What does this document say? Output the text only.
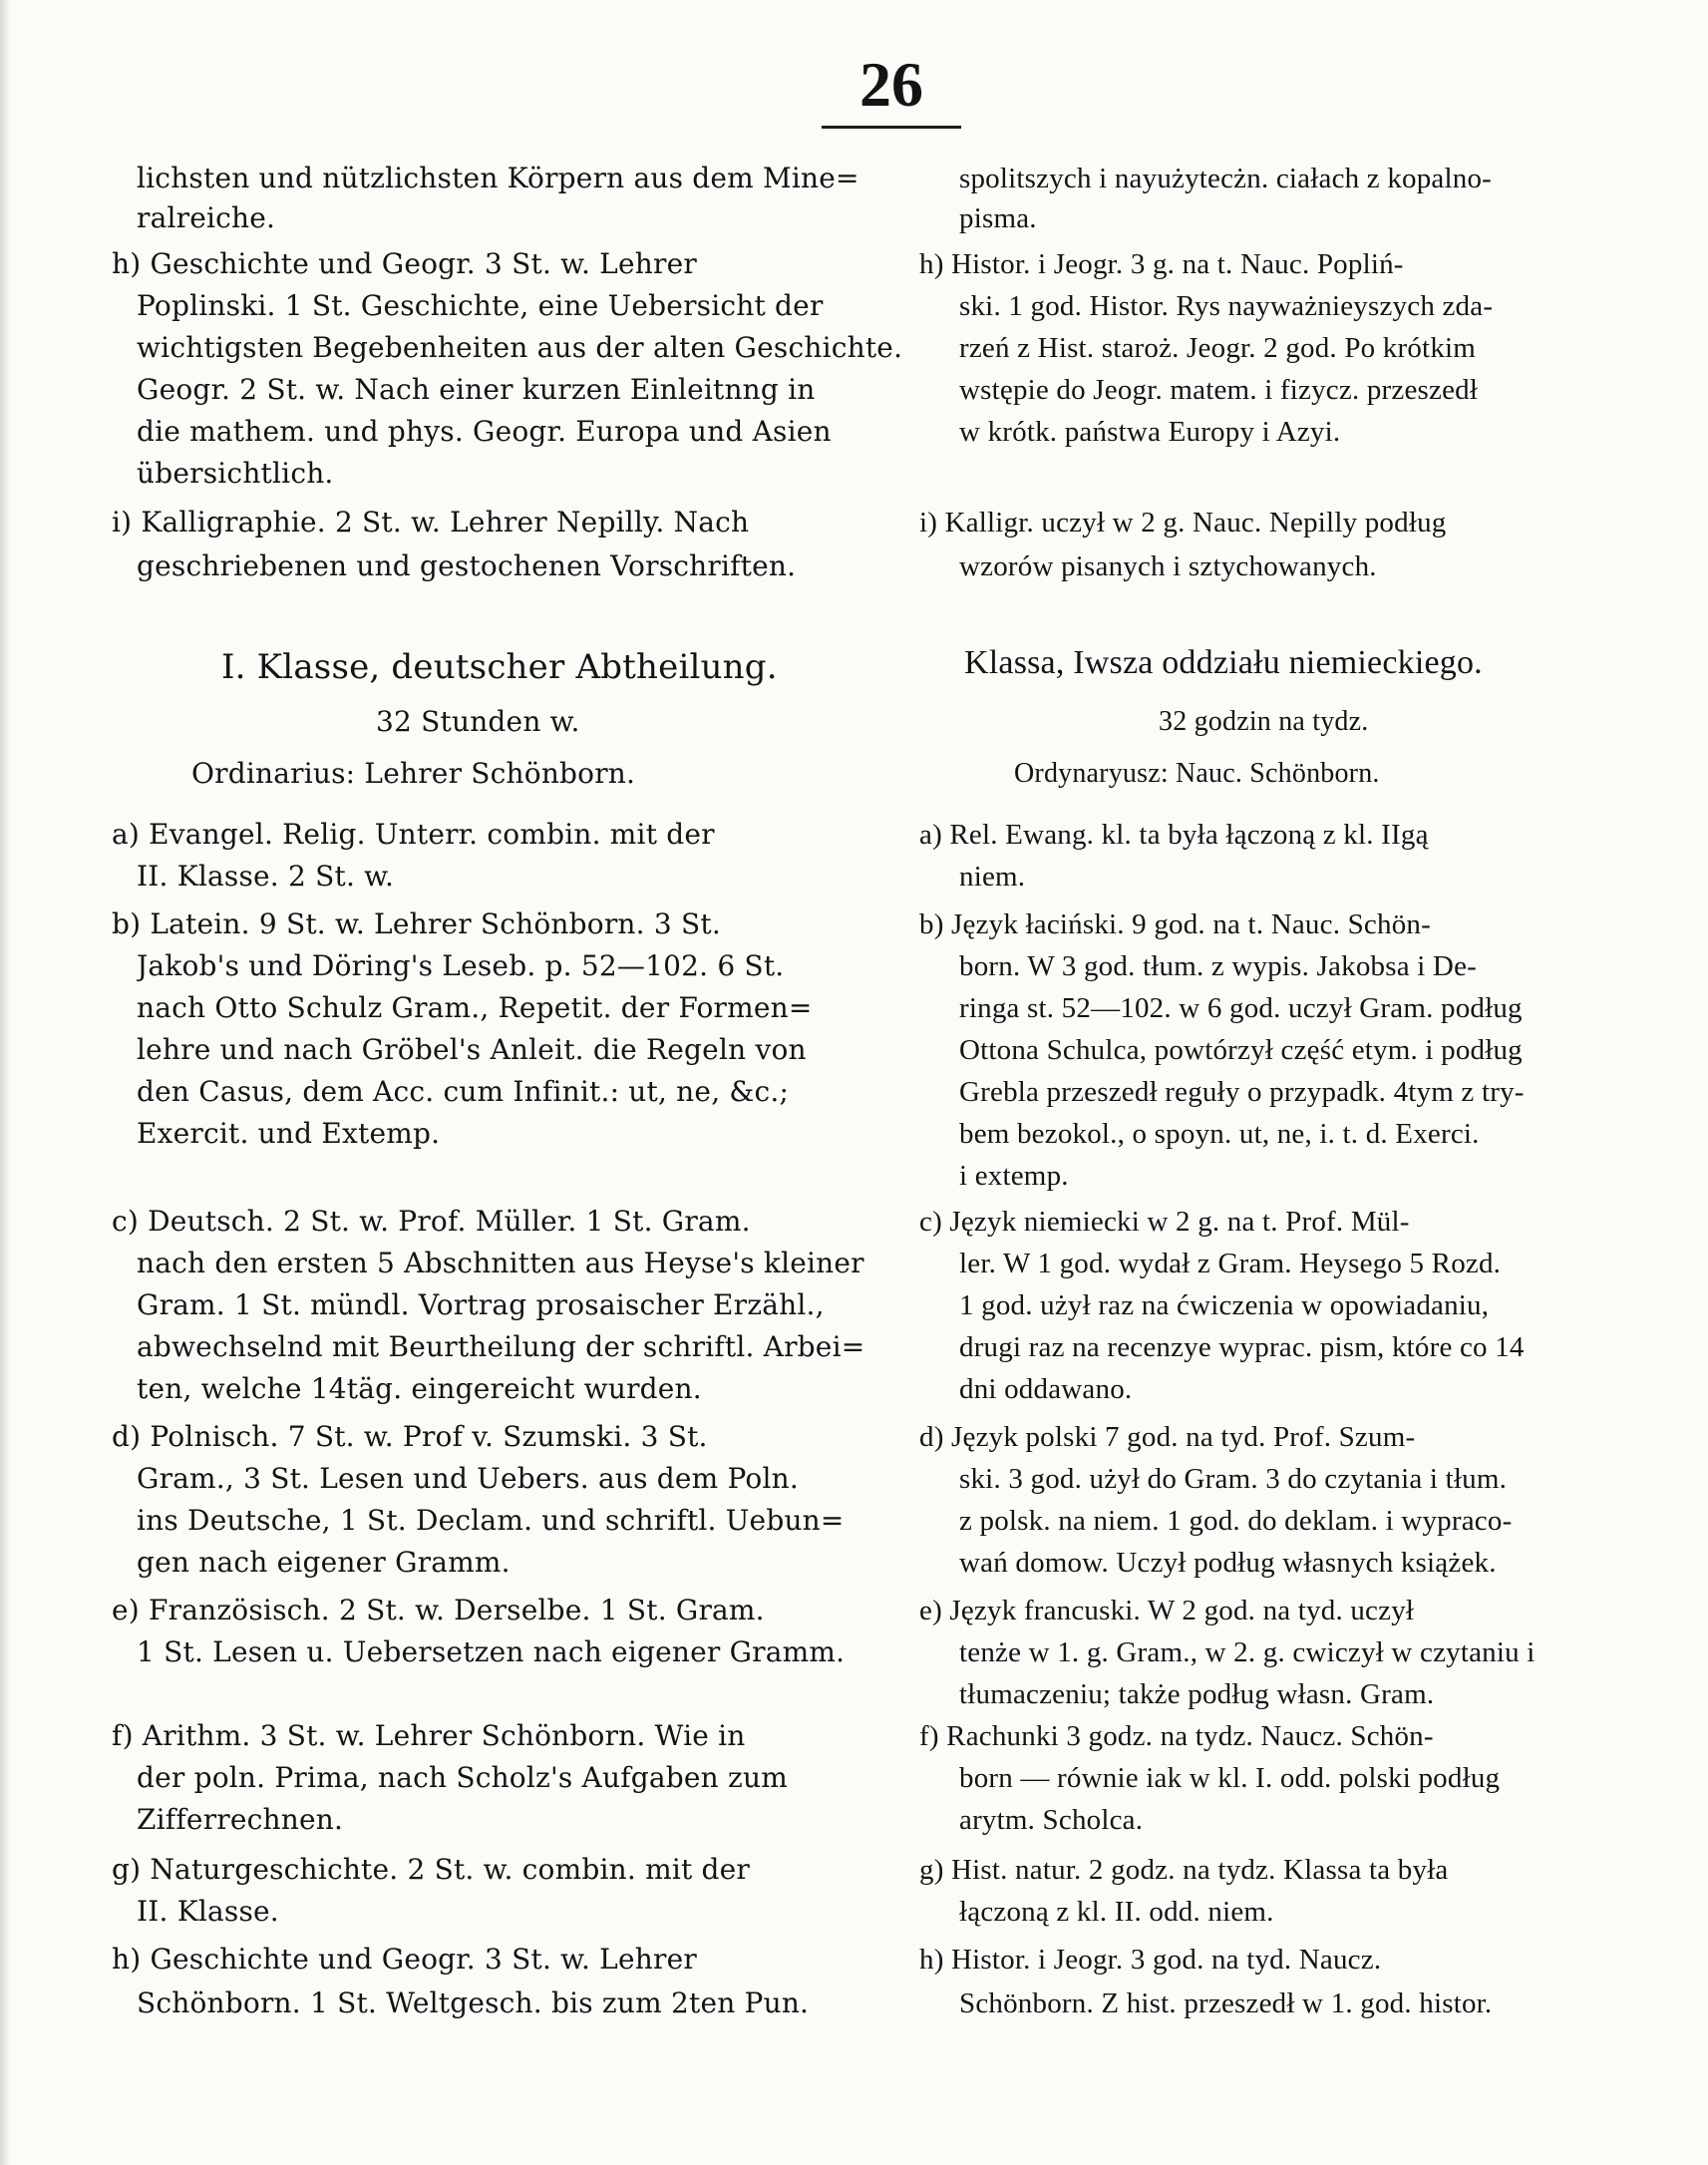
26
lichsten und nützlichsten Körpern aus dem Mine=
ralreiche.
h) Geschichte und Geogr. 3 St. w. Lehrer
Poplinski. 1 St. Geschichte, eine Uebersicht der
wichtigsten Begebenheiten aus der alten Geschichte.
Geogr. 2 St. w. Nach einer kurzen Einleitnng in
die mathem. und phys. Geogr. Europa und Asien
übersichtlich.
i) Kalligraphie. 2 St. w. Lehrer Nepilly. Nach
geschriebenen und gestochenen Vorschriften.
I. Klasse, deutscher Abtheilung.
32 Stunden w.
Ordinarius: Lehrer Schönborn.
a) Evangel. Relig. Unterr. combin. mit der
II. Klasse. 2 St. w.
b) Latein. 9 St. w. Lehrer Schönborn. 3 St.
Jakob's und Döring's Leseb. p. 52—102. 6 St.
nach Otto Schulz Gram., Repetit. der Formen=
lehre und nach Gröbel's Anleit. die Regeln von
den Casus, dem Acc. cum Infinit.: ut, ne, &c.;
Exercit. und Extemp.
c) Deutsch. 2 St. w. Prof. Müller. 1 St. Gram.
nach den ersten 5 Abschnitten aus Heyse's kleiner
Gram. 1 St. mündl. Vortrag prosaischer Erzähl.,
abwechselnd mit Beurtheilung der schriftl. Arbei=
ten, welche 14täg. eingereicht wurden.
d) Polnisch. 7 St. w. Prof v. Szumski. 3 St.
Gram., 3 St. Lesen und Uebers. aus dem Poln.
ins Deutsche, 1 St. Declam. und schriftl. Uebun=
gen nach eigener Gramm.
e) Französisch. 2 St. w. Derselbe. 1 St. Gram.
1 St. Lesen u. Uebersetzen nach eigener Gramm.
f) Arithm. 3 St. w. Lehrer Schönborn. Wie in
der poln. Prima, nach Scholz's Aufgaben zum
Zifferrechnen.
g) Naturgeschichte. 2 St. w. combin. mit der
II. Klasse.
h) Geschichte und Geogr. 3 St. w. Lehrer
Schönborn. 1 St. Weltgesch. bis zum 2ten Pun.
spolitszych i nayużytecżn. ciałach z kopalno-
pisma.
h) Histor. i Jeogr. 3 g. na t. Nauc. Popliń-
ski. 1 god. Histor. Rys nayważnieyszych zda-
rzeń z Hist. staroż. Jeogr. 2 god. Po krótkim
wstępie do Jeogr. matem. i fizycz. przeszedł
w krótk. państwa Europy i Azyi.
i) Kalligr. uczył w 2 g. Nauc. Nepilly podług
wzorów pisanych i sztychowanych.
Klassa, Iwsza oddziału niemieckiego.
32 godzin na tydz.
Ordynaryusz: Nauc. Schönborn.
a) Rel. Ewang. kl. ta była łączoną z kl. IIgą
niem.
b) Język łaciński. 9 god. na t. Nauc. Schön-
born. W 3 god. tłum. z wypis. Jakobsa i De-
ringa st. 52—102. w 6 god. uczył Gram. podług
Ottona Schulca, powtórzył część etym. i podług
Grebla przeszedł reguły o przypadk. 4tym z try-
bem bezokol., o spoyn. ut, ne, i. t. d. Exerci.
i extemp.
c) Język niemiecki w 2 g. na t. Prof. Mül-
ler. W 1 god. wydał z Gram. Heysego 5 Rozd.
1 god. użył raz na ćwiczenia w opowiadaniu,
drugi raz na recenzye wyprac. pism, które co 14
dni oddawano.
d) Język polski 7 god. na tyd. Prof. Szum-
ski. 3 god. użył do Gram. 3 do czytania i tłum.
z polsk. na niem. 1 god. do deklam. i wypraco-
wań domow. Uczył podług własnych książek.
e) Język francuski. W 2 god. na tyd. uczył
tenże w 1. g. Gram., w 2. g. cwiczył w czytaniu i
tłumaczeniu; także podług własn. Gram.
f) Rachunki 3 godz. na tydz. Naucz. Schön-
born — równie iak w kl. I. odd. polski podług
arytm. Scholca.
g) Hist. natur. 2 godz. na tydz. Klassa ta była
łączoną z kl. II. odd. niem.
h) Histor. i Jeogr. 3 god. na tyd. Naucz.
Schönborn. Z hist. przeszedł w 1. god. histor.
